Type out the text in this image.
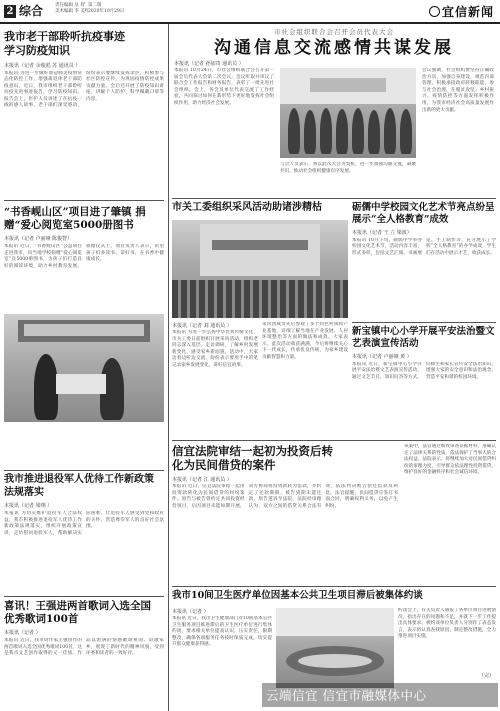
2 综合	责任编辑 皇 智
美术编辑 李 美红
第二版
2020年10月29日	宜信新闻
我市老干部聆听抗疫事迹学习防疫知识
本报讯（记者 余俊彪 苏 通讯员 ）
本报讯 为进一步做好新冠肺炎疫情常态化防控工作，增强离退休老干部防疫意识，近日，我市组织老干部聆听抗疫先进事迹报告，学习防疫知识。报告会上，医护人员讲述了在抗疫一线的感人故事，老干部们深受感动，纷纷表示要继续发挥余热，积极参与社区防控宣传，为巩固疫情防控成果贡献力量。会后还开展了防疫知识讲座，讲解个人防护、科学佩戴口罩等内容。
市社会组织联合会召开会员代表大会
沟通信息交流感情共谋发展
本报讯（记者 孙加贵 通讯员 ）
本报讯 10月24日，市社会组织联合会召开第一届会员代表大会第二次会议。会议听取并审议了联合会工作报告和财务报告，表彰了一批先进社会组织。会上，各会员单位代表交流了工作经验，共同探讨如何在新形势下更好地发挥社会组织作用，助力经济社会发展。
与会人员表示，将以此次大会为契机，进一步加强沟通交流，凝聚共识，推动社会组织健康有序发展。
会议强调，社会组织要坚持正确政治方向，加强自身建设，规范内部管理，积极承接政府转移职能，参与社会治理，在脱贫攻坚、乡村振兴、疫情防控等方面发挥积极作用，为我市经济社会高质量发展作出新的更大贡献。
“书香岘山区”项目进了肇镇 捐赠“爱心阅览室5000册图书
本报讯（记者 卢丽娅 陈俊智）
本报讯 近日，“书香岘山区”公益项目走进我市，向当地学校捐赠“爱心阅览室”及5000册图书，为孩子们打造良好的阅读环境，助力乡村教育发展。捐赠仪式上，项目负责人表示，希望孩子们多读书、读好书，在书香中健康成长。
市关工委组织采风活动助诸涉精枯
本报讯（记者 刘 通讯员 ）
本报讯 为进一步弘扬中华优秀传统文化，市关工委日前组织开展采风活动，组织老同志深入基层，走访调研，了解乡村发展新变化，感受家乡新面貌。活动中，大家边看边听边交流，纷纷表示要用手中的笔记录家乡发展变化，讲好信宜故事。
采风团成员先后参观了多个特色村镇和产业基地，详细了解当地在产业发展、人居环境整治等方面的做法和成效。大家表示，此次活动收获满满，今后将继续关心下一代成长，传承优良传统，为家乡建设贡献智慧和力量。
砺儒中学校园文化艺术节亮点纷呈展示“全人格教育”成效
本报讯（记者 王 立 梁波）
本报讯 10月下旬，砺儒中学举办校园文化艺术节，活动内容丰富，形式多样，包括文艺汇演、书画展览、手工制作等，充分展示了学校“全人格教育”的办学成效，学生们在活动中展示才艺，收获成长。
新宝镇中心小学开展平安法治暨文艺表演宣传活动
本报讯（记者 卢丽娅 黄 ）
本报讯 近日，新宝镇中心小学开展平安法治暨文艺表演宣传活动，通过文艺节目、知识问答等方式，向师生和家长宣传安全法治知识，增强大家的安全意识和法治观念，营造平安和谐的校园环境。
我市推进退役军人优待工作新政策法规落实
本报讯（记者 梁翔 ）
本报讯 为切实维护退役军人合法权益，我市积极推进退役军人优待工作新政策法规落实，组织开展政策宣讲，走访慰问退役军人，帮助解决实际困难，让退役军人感受到党和政府的关怀，营造尊崇军人的良好社会氛围。
信宜法院审结一起初为投资后转化为民间借贷的案件
本报讯（记者 江 通讯员 ）
本报讯 近日，信宜法院审结一起由投资款转化为民间借贷的纠纷案件。原告与被告曾约定共同投资经营项目，后因项目未能如期开展，双方协商将投资款转为借款，并约定了还款期限。被告到期未能还款，原告遂诉至法院。法院经审理认为，双方之间的借贷关系合法有效，依法判决被告偿还借款及利息。法官提醒，民间借贷应签订书面合同，明确权利义务，以免产生纠纷。
该案中，法官通过细致审查证据材料，准确认定了法律关系的性质，依法保护了当事人的合法权益。法院表示，将继续加大对民间借贷纠纷的审理力度，引导群众依法理性投资借贷，维护良好的金融秩序和社会诚信环境。
喜讯！王强进两首歌词入选全国优秀歌词100首
本报讯（记者 ）
本报讯 近日，我市词作家王强创作的两首歌词入选全国优秀歌词100首，这是我市文艺创作取得的又一佳绩。作品以饱满的情感歌颂祖国、讴歌家乡，展现了新时代的精神风貌，受到评委和读者的一致好评。
我市10间卫生医疗单位因基本公共卫生项目滞后被集体约谈
本报讯（记者 ）
本报讯 近日，我市卫生健康部门对10间基本公共卫生服务项目推进滞后的卫生医疗单位进行集体约谈，要求相关单位提高认识，压实责任，限期整改，确保各项服务任务按时保质完成，切实提升群众健康获得感。
约谈会上，有关负责人通报了各单位项目进展情况，指出存在的问题和不足，并就下一步工作提出具体要求。被约谈单位负责人分别作了表态发言，表示将认真查找原因，制定整改措施，全力推进项目实施。
云端信宜 信宜市融媒体中心
（完）
